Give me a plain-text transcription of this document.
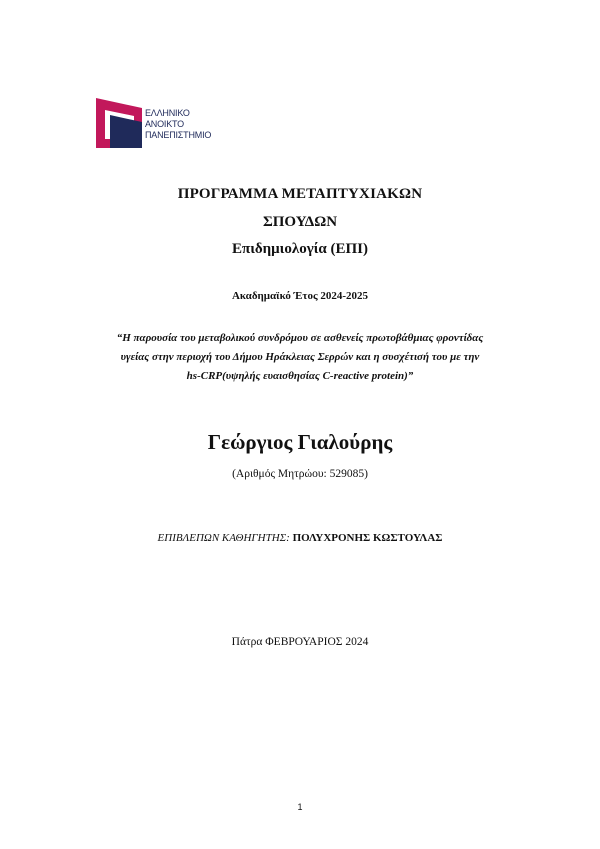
ΕΛΛΗΝΙΚΟ
ΑΝΟΙΚΤΟ
ΠΑΝΕΠΙΣΤΗΜΙΟ
ΠΡΟΓΡΑΜΜΑ ΜΕΤΑΠΤΥΧΙΑΚΩΝ
ΣΠΟΥΔΩΝ
Επιδημιολογία (ΕΠΙ)
Ακαδημαϊκό Έτος 2024-2025
“Η παρουσία του μεταβολικού συνδρόμου σε ασθενείς πρωτοβάθμιας φροντίδας
υγείας στην περιοχή του Δήμου Ηράκλειας Σερρών και η συσχέτισή του με την
hs-CRP(υψηλής ευαισθησίας C-reactive protein)”
Γεώργιος Γιαλούρης
(Αριθμός Μητρώου: 529085)
ΕΠΙΒΛΕΠΩΝ ΚΑΘΗΓΗΤΗΣ: ΠΟΛΥΧΡΟΝΗΣ ΚΩΣΤΟΥΛΑΣ
Πάτρα ΦΕΒΡΟΥΑΡΙΟΣ 2024
1
